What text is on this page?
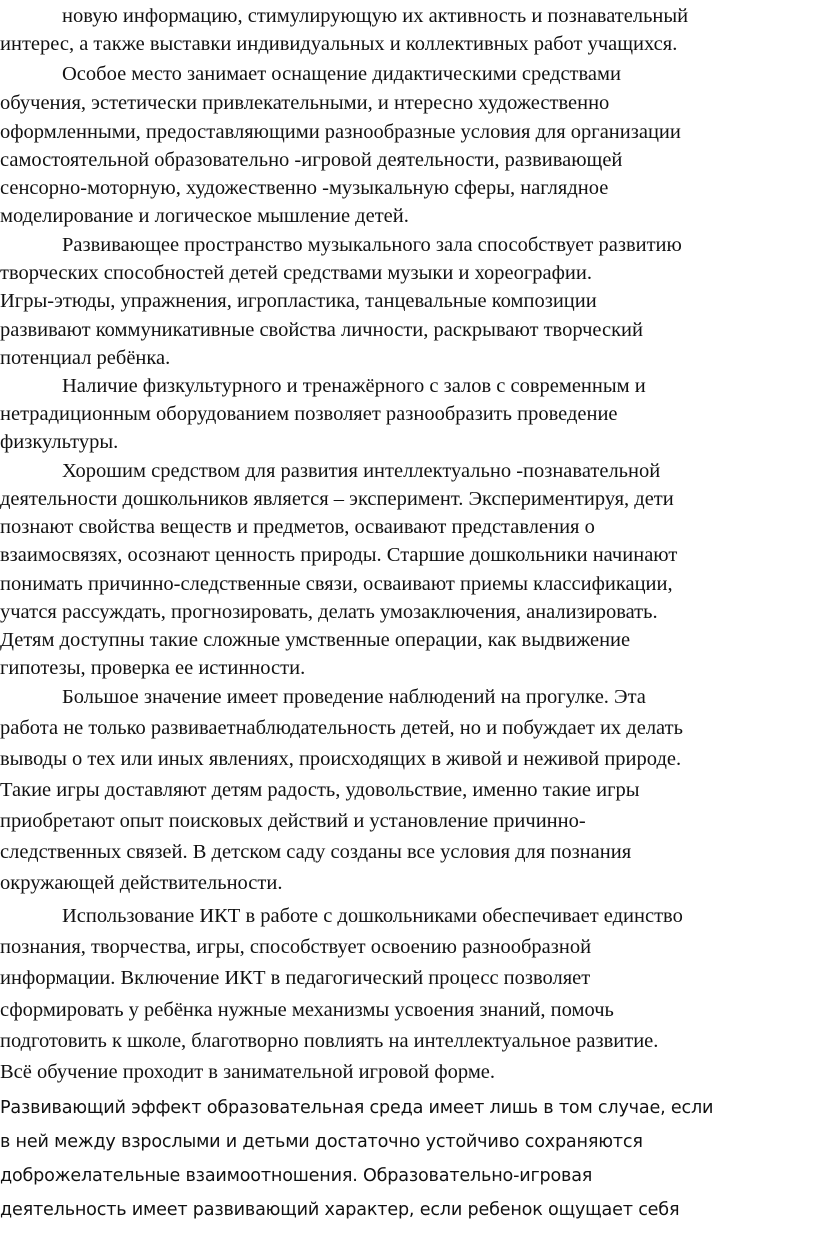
новую информацию, стимулирующую их активность и познавательный
интерес, а также выставки индивидуальных и коллективных работ учащихся.
Особое место занимает оснащение дидактическими средствами
обучения, эстетически привлекательными, и нтересно художественно
оформленными, предоставляющими разнообразные условия для организации
самостоятельной образовательно -игровой деятельности, развивающей
сенсорно-моторную, художественно -музыкальную сферы, наглядное
моделирование и логическое мышление детей.
Развивающее пространство музыкального зала способствует развитию
творческих способностей детей средствами музыки и хореографии.
Игры-этюды, упражнения, игропластика, танцевальные композиции
развивают коммуникативные свойства личности, раскрывают творческий
потенциал ребёнка.
Наличие физкультурного и тренажёрного с залов с современным и
нетрадиционным оборудованием позволяет разнообразить проведение
физкультуры.
Хорошим средством для развития интеллектуально -познавательной
деятельности дошкольников является – эксперимент. Экспериментируя, дети
познают свойства веществ и предметов, осваивают представления о
взаимосвязях, осознают ценность природы. Старшие дошкольники начинают
понимать причинно-следственные связи, осваивают приемы классификации,
учатся рассуждать, прогнозировать, делать умозаключения, анализировать.
Детям доступны такие сложные умственные операции, как выдвижение
гипотезы, проверка ее истинности.
Большое значение имеет проведение наблюдений на прогулке. Эта
работа не только развиваетнаблюдательность детей, но и побуждает их делать
выводы о тех или иных явлениях, происходящих в живой и неживой природе.
Такие игры доставляют детям радость, удовольствие, именно такие игры
приобретают опыт поисковых действий и установление причинно-
следственных связей. В детском саду созданы все условия для познания
окружающей действительности.
Использование ИКТ в работе с дошкольниками обеспечивает единство
познания, творчества, игры, способствует освоению разнообразной
информации. Включение ИКТ в педагогический процесс позволяет
сформировать у ребёнка нужные механизмы усвоения знаний, помочь
подготовить к школе, благотворно повлиять на интеллектуальное развитие.
Всё обучение проходит в занимательной игровой форме.
Развивающий эффект образовательная среда имеет лишь в том случае, если
в ней между взрослыми и детьми достаточно устойчиво сохраняются
доброжелательные взаимоотношения. Образовательно-игровая
деятельность имеет развивающий характер, если ребенок ощущает себя
